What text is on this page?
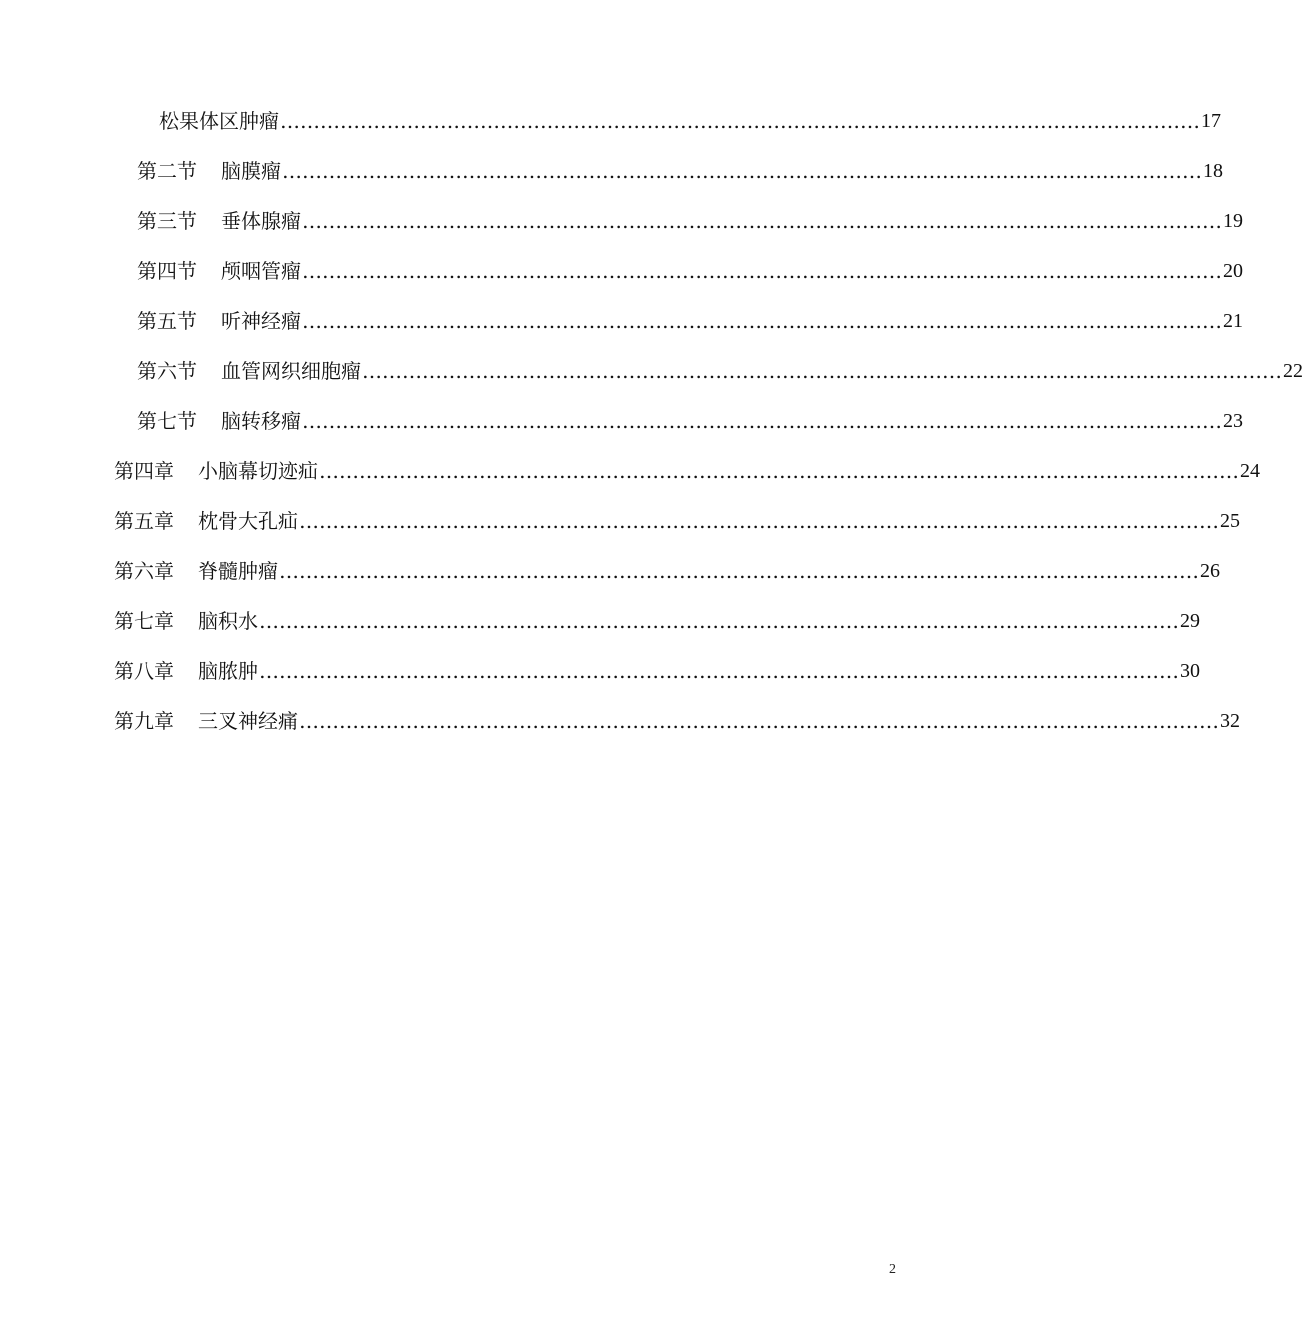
松果体区肿瘤 ………………………………………………………………………………………………………………………… 17
第二节 脑膜瘤 ………………………………………………………………………………………………………………………… 18
第三节 垂体腺瘤 ………………………………………………………………………………………………………………………… 19
第四节 颅咽管瘤 ………………………………………………………………………………………………………………………… 20
第五节 听神经瘤 ………………………………………………………………………………………………………………………… 21
第六节 血管网织细胞瘤 ………………………………………………………………………………………………………………………… 22
第七节 脑转移瘤 ………………………………………………………………………………………………………………………… 23
第四章 小脑幕切迹疝 ………………………………………………………………………………………………………………………… 24
第五章 枕骨大孔疝 ………………………………………………………………………………………………………………………… 25
第六章 脊髓肿瘤 ………………………………………………………………………………………………………………………… 26
第七章 脑积水 ………………………………………………………………………………………………………………………… 29
第八章 脑脓肿 ………………………………………………………………………………………………………………………… 30
第九章 三叉神经痛 ………………………………………………………………………………………………………………………… 32
2
